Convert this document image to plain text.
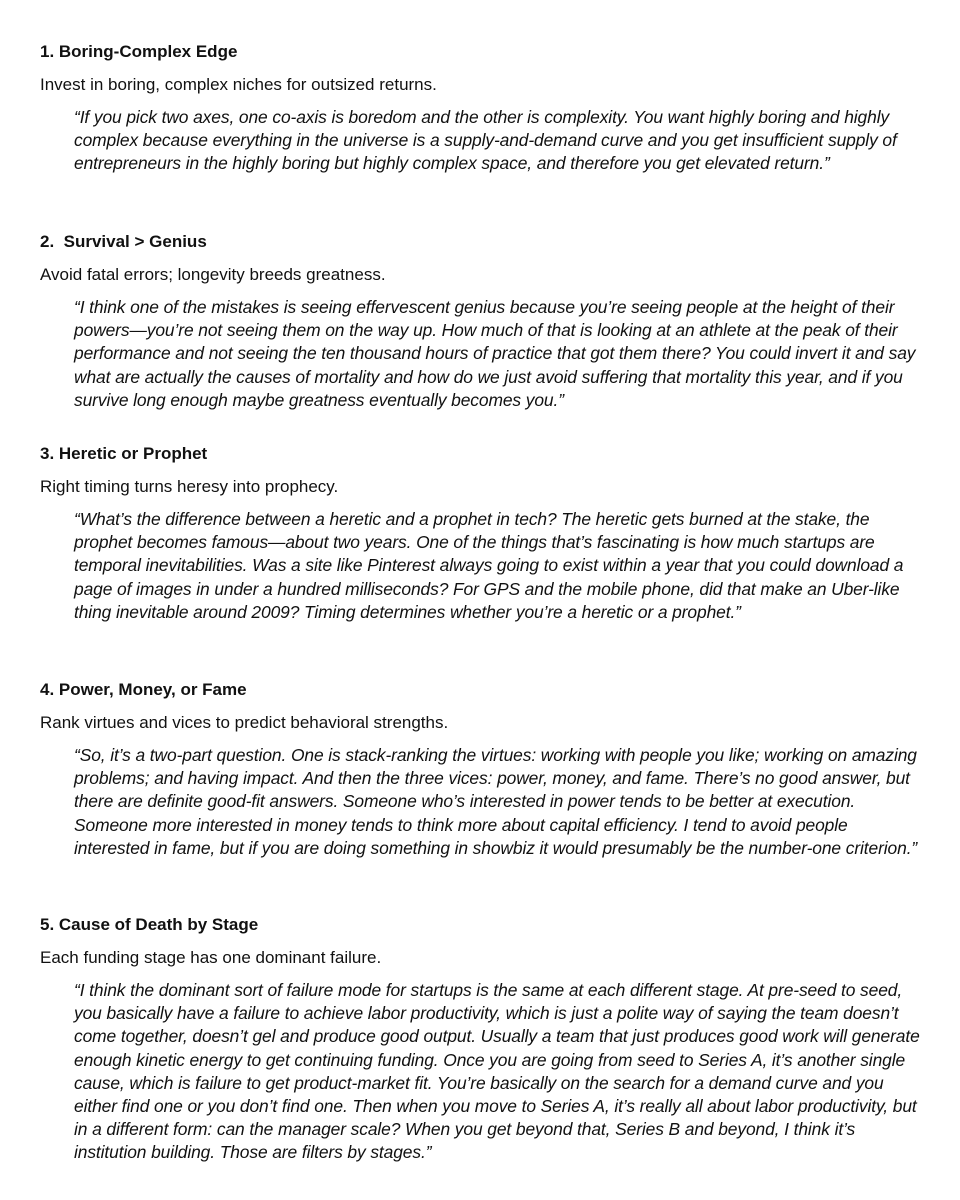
1. Boring-Complex Edge

Invest in boring, complex niches for outsized returns.

“If you pick two axes, one co-axis is boredom and the other is complexity. You want highly boring and highly complex because everything in the universe is a supply-and-demand curve and you get insufficient supply of entrepreneurs in the highly boring but highly complex space, and therefore you get elevated return.”

2.  Survival > Genius

Avoid fatal errors; longevity breeds greatness.

“I think one of the mistakes is seeing effervescent genius because you’re seeing people at the height of their powers—you’re not seeing them on the way up. How much of that is looking at an athlete at the peak of their performance and not seeing the ten thousand hours of practice that got them there? You could invert it and say what are actually the causes of mortality and how do we just avoid suffering that mortality this year, and if you survive long enough maybe greatness eventually becomes you.”

3. Heretic or Prophet

Right timing turns heresy into prophecy.

“What’s the difference between a heretic and a prophet in tech? The heretic gets burned at the stake, the prophet becomes famous—about two years. One of the things that’s fascinating is how much startups are temporal inevitabilities. Was a site like Pinterest always going to exist within a year that you could download a page of images in under a hundred milliseconds? For GPS and the mobile phone, did that make an Uber-like thing inevitable around 2009? Timing determines whether you’re a heretic or a prophet.”

4. Power, Money, or Fame

Rank virtues and vices to predict behavioral strengths.

“So, it’s a two-part question. One is stack-ranking the virtues: working with people you like; working on amazing problems; and having impact. And then the three vices: power, money, and fame. There’s no good answer, but there are definite good-fit answers. Someone who’s interested in power tends to be better at execution. Someone more interested in money tends to think more about capital efficiency. I tend to avoid people interested in fame, but if you are doing something in showbiz it would presumably be the number-one criterion.”

5. Cause of Death by Stage

Each funding stage has one dominant failure.

“I think the dominant sort of failure mode for startups is the same at each different stage. At pre-seed to seed, you basically have a failure to achieve labor productivity, which is just a polite way of saying the team doesn’t come together, doesn’t gel and produce good output. Usually a team that just produces good work will generate enough kinetic energy to get continuing funding. Once you are going from seed to Series A, it’s another single cause, which is failure to get product-market fit. You’re basically on the search for a demand curve and you either find one or you don’t find one. Then when you move to Series A, it’s really all about labor productivity, but in a different form: can the manager scale? When you get beyond that, Series B and beyond, I think it’s institution building. Those are filters by stages.”
